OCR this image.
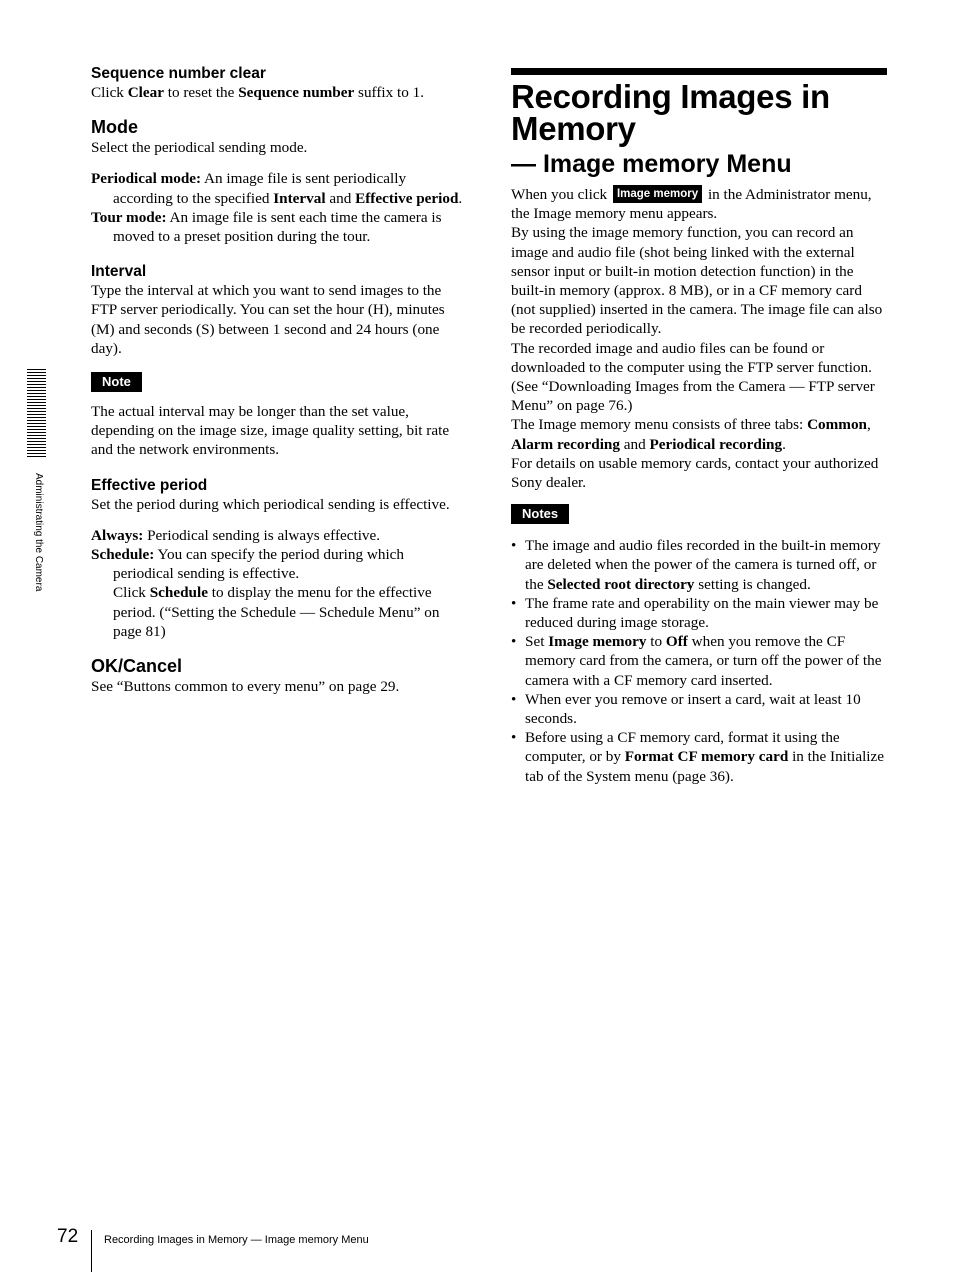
Administrating the Camera
Sequence number clear

Click Clear to reset the Sequence number suffix to 1.

Mode

Select the periodical sending mode.

Periodical mode: An image file is sent periodically according to the specified Interval and Effective period.

Tour mode: An image file is sent each time the camera is moved to a preset position during the tour.

Interval

Type the interval at which you want to send images to the FTP server periodically. You can set the hour (H), minutes (M) and seconds (S) between 1 second and 24 hours (one day).

Note

The actual interval may be longer than the set value, depending on the image size, image quality setting, bit rate and the network environments.

Effective period

Set the period during which periodical sending is effective.

Always: Periodical sending is always effective.

Schedule: You can specify the period during which periodical sending is effective.
Click Schedule to display the menu for the effective period. (“Setting the Schedule — Schedule Menu” on page 81)

OK/Cancel

See “Buttons common to every menu” on page 29.

Recording Images in Memory
— Image memory Menu

When you click Image memory in the Administrator menu, the Image memory menu appears.

By using the image memory function, you can record an image and audio file (shot being linked with the external sensor input or built-in motion detection function) in the built-in memory (approx. 8 MB), or in a CF memory card (not supplied) inserted in the camera. The image file can also be recorded periodically.

The recorded image and audio files can be found or downloaded to the computer using the FTP server function. (See “Downloading Images from the Camera — FTP server Menu” on page 76.)

The Image memory menu consists of three tabs: Common, Alarm recording and Periodical recording.

For details on usable memory cards, contact your authorized Sony dealer.

Notes
• The image and audio files recorded in the built-in memory are deleted when the power of the camera is turned off, or the Selected root directory setting is changed.
• The frame rate and operability on the main viewer may be reduced during image storage.
• Set Image memory to Off when you remove the CF memory card from the camera, or turn off the power of the camera with a CF memory card inserted.
• When ever you remove or insert a card, wait at least 10 seconds.
• Before using a CF memory card, format it using the computer, or by Format CF memory card in the Initialize tab of the System menu (page 36).
72 Recording Images in Memory — Image memory Menu
